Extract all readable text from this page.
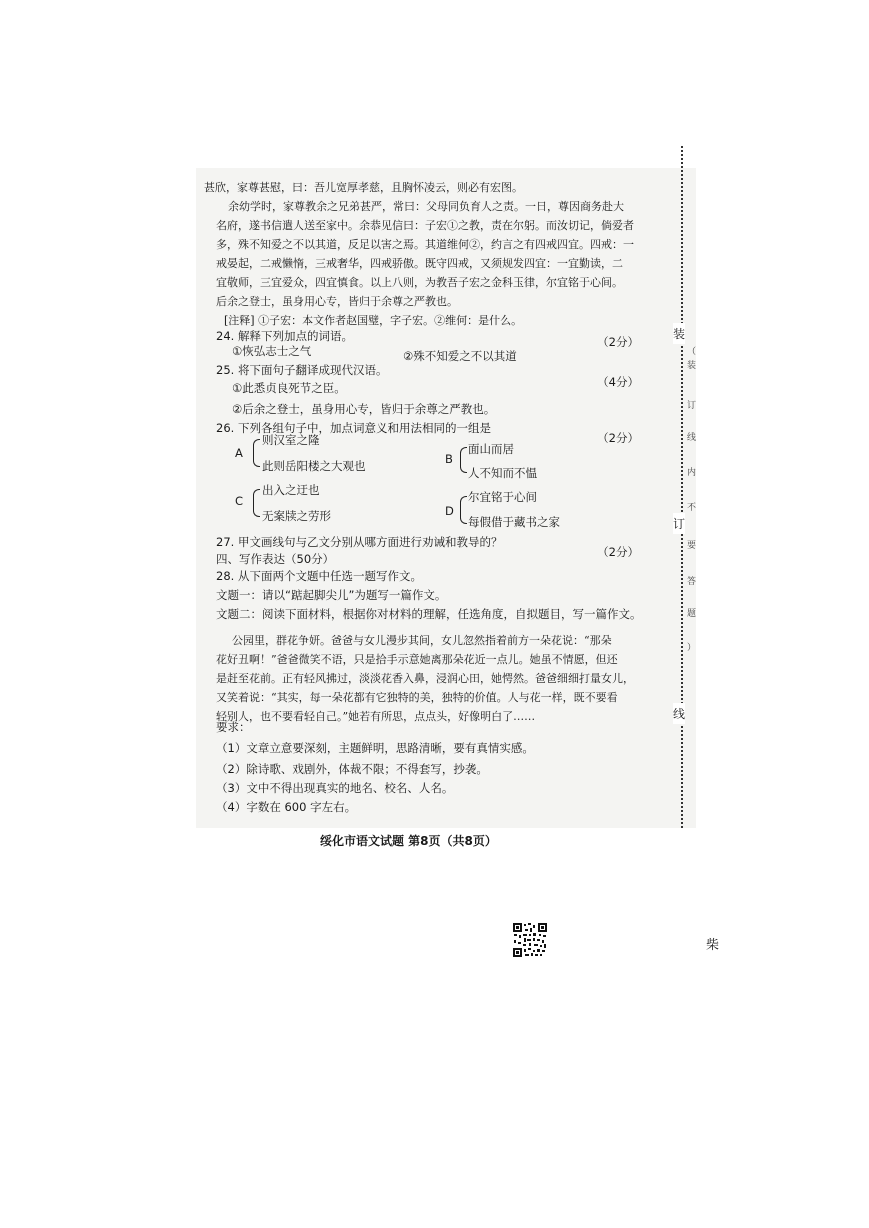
甚欣，家尊甚慰，曰：吾儿宽厚孝慈，且胸怀凌云，则必有宏图。
余幼学时，家尊教余之兄弟甚严，常曰：父母同负育人之责。一日，尊因商务赴大
名府，遂书信遣人送至家中。余恭见信曰：子宏①之教，责在尔躬。而汝切记，倘爱者
多，殊不知爱之不以其道，反足以害之焉。其道维何②，约言之有四戒四宜。四戒：一
戒晏起，二戒懒惰，三戒奢华，四戒骄傲。既守四戒，又须规发四宜：一宜勤读，二
宜敬师，三宜爱众，四宜慎食。以上八则，为教吾子宏之金科玉律，尔宜铭于心间。
后余之登士，虽身用心专，皆归于余尊之严教也。
[注释] ①子宏：本文作者赵国璧，字子宏。②维何：是什么。
24. 解释下列加点的词语。	（2分）
①恢弘志士之气	②殊不知爱之不以其道
25. 将下面句子翻译成现代汉语。
（4分）
①此悉贞良死节之臣。
②后余之登士，虽身用心专，皆归于余尊之严教也。
26. 下列各组句子中，加点词意义和用法相同的一组是
（2分）
A
则汉室之隆
此则岳阳楼之大观也	B
面山而居
人不知而不愠
C
出入之迂也
无案牍之劳形	D
尔宜铭于心间
每假借于藏书之家
27. 甲文画线句与乙文分别从哪方面进行劝诫和教导的？
（2分）
四、写作表达（50分）
28. 从下面两个文题中任选一题写作文。
文题一：请以“踮起脚尖儿”为题写一篇作文。
文题二：阅读下面材料，根据你对材料的理解，任选角度，自拟题目，写一篇作文。
公园里，群花争妍。爸爸与女儿漫步其间，女儿忽然指着前方一朵花说：“那朵
花好丑啊！”爸爸微笑不语，只是拾手示意她离那朵花近一点儿。她虽不情愿，但还
是赶至花前。正有轻风拂过，淡淡花香入鼻，浸润心田，她愕然。爸爸细细打量女儿，
又笑着说：“其实，每一朵花都有它独特的美，独特的价值。人与花一样，既不要看
轻别人，也不要看轻自己。”她若有所思，点点头，好像明白了……
要求：
（1）文章立意要深刻，主题鲜明，思路清晰，要有真情实感。
（2）除诗歌、戏剧外，体裁不限；不得套写，抄袭。
（3）文中不得出现真实的地名、校名、人名。
（4）字数在 600 字左右。
装
订
线
（
装
订
线
内
不
要
答
题
）
绥化市语文试题 第8页（共8页）
柴
